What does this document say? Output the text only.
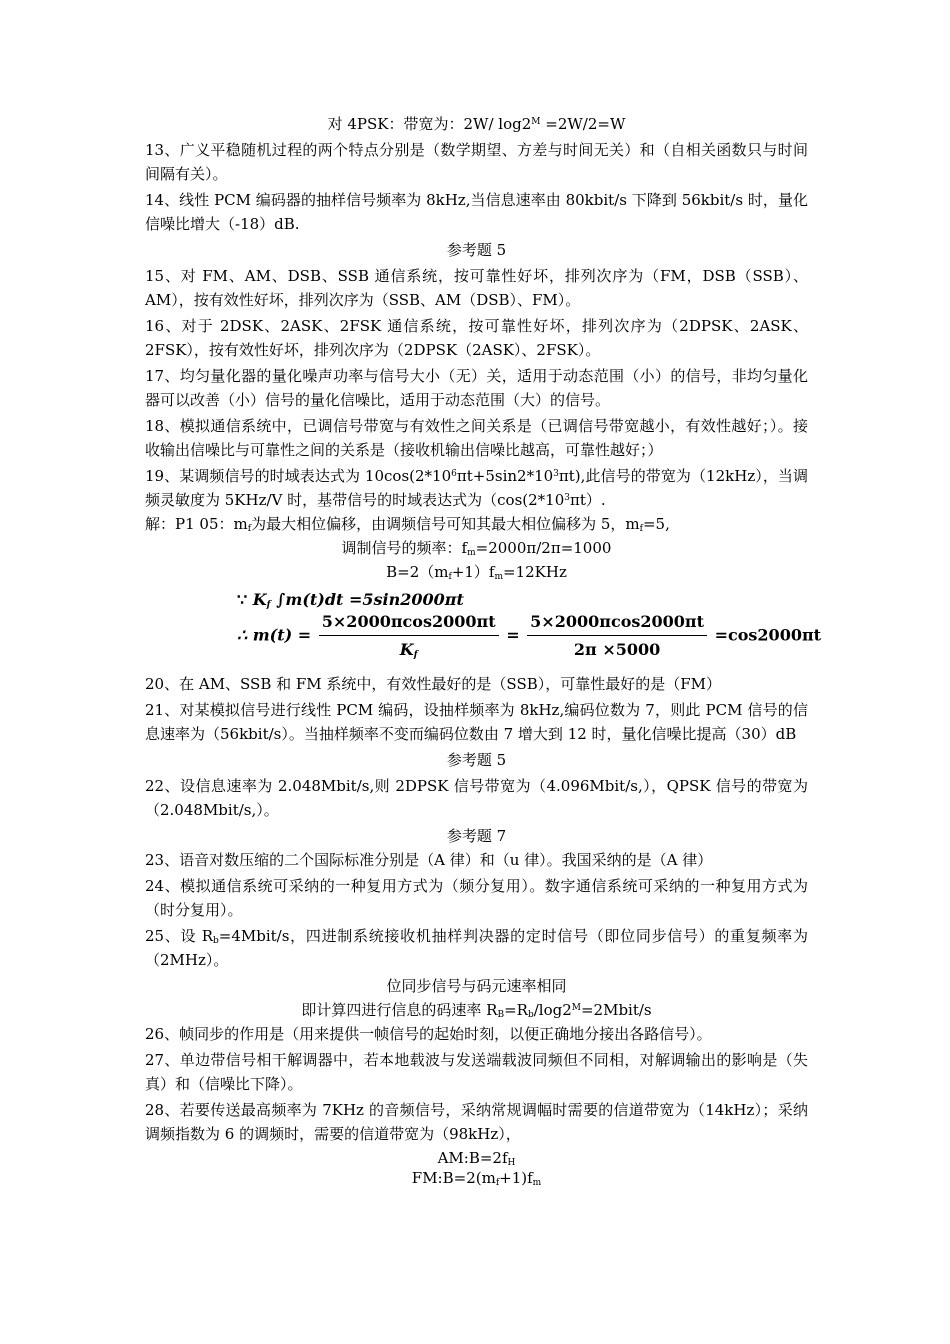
对 4PSK：带宽为：2W/ $\log 2^M =2W/2=W$

13、广义平稳随机过程的两个特点分别是（数学期望、方差与时间无关）和（自相关函数只与时间间隔有关）。

14、线性 PCM 编码器的抽样信号频率为 8kHz,当信息速率由 80kbit/s 下降到 56kbit/s 时，量化信噪比增大（-18）dB.

参考题 5

15、对 FM、AM、DSB、SSB 通信系统，按可靠性好坏，排列次序为（FM，DSB（SSB）、AM），按有效性好坏，排列次序为（SSB、AM（DSB）、FM）。

16、对于 2DSK、2ASK、2FSK 通信系统，按可靠性好坏，排列次序为（2DPSK、2ASK、2FSK），按有效性好坏，排列次序为（2DPSK（2ASK）、2FSK）。

17、均匀量化器的量化噪声功率与信号大小（无）关，适用于动态范围（小）的信号，非均匀量化器可以改善（小）信号的量化信噪比，适用于动态范围（大）的信号。

18、模拟通信系统中，已调信号带宽与有效性之间关系是（已调信号带宽越小，有效性越好；）。接收输出信噪比与可靠性之间的关系是（接收机输出信噪比越高，可靠性越好；）

19、某调频信号的时域表达式为 $10\cos(2*10^6\pi t+5\sin 2*10^3\pi t)$,此信号的带宽为（12kHz），当调频灵敏度为 5KHz/V 时，基带信号的时域表达式为（$\cos(2*10^3\pi t)$.

解：P1 05：$m_f$为最大相位偏移，由调频信号可知其最大相位偏移为 5，$m_f=5$,

调制信号的频率：$f_m=2000\pi/2\pi=1000$

$B=2(m_f+1)f_m=12KHz$

∵ $K_f$ ∫m(t)dt =5sin2000πt
∴ $m(t) = \frac{5\times 2000\pi\cos 2000\pi t}{K_f} = \frac{5\times 2000\pi\cos 2000\pi t}{2\pi \times 5000} =\cos 2000\pi t$

20、在 AM、SSB 和 FM 系统中，有效性最好的是（SSB），可靠性最好的是（FM）

21、对某模拟信号进行线性 PCM 编码，设抽样频率为 8kHz,编码位数为 7，则此 PCM 信号的信息速率为（56kbit/s）。当抽样频率不变而编码位数由 7 增大到 12 时，量化信噪比提高（30）dB

参考题 5

22、设信息速率为 2.048Mbit/s,则 2DPSK 信号带宽为（4.096Mbit/s,），QPSK 信号的带宽为（2.048Mbit/s,）。

参考题 7

23、语音对数压缩的二个国际标准分别是（A 律）和（u 律）。我国采纳的是（A 律）

24、模拟通信系统可采纳的一种复用方式为（频分复用）。数字通信系统可采纳的一种复用方式为（时分复用）。

25、设 $R_b=4Mbit/s$，四进制系统接收机抽样判决器的定时信号（即位同步信号）的重复频率为（2MHz）。

位同步信号与码元速率相同

即计算四进行信息的码速率 $R_B=R_b/\log 2^M=2Mbit/s$

26、帧同步的作用是（用来提供一帧信号的起始时刻，以便正确地分接出各路信号）。

27、单边带信号相干解调器中，若本地载波与发送端载波同频但不同相，对解调输出的影响是（失真）和（信噪比下降）。

28、若要传送最高频率为 7KHz 的音频信号，采纳常规调幅时需要的信道带宽为（14kHz）；采纳调频指数为 6 的调频时，需要的信道带宽为（98kHz），

$AM:B=2f_H$

$FM:B=2(m_f+1)f_m$
